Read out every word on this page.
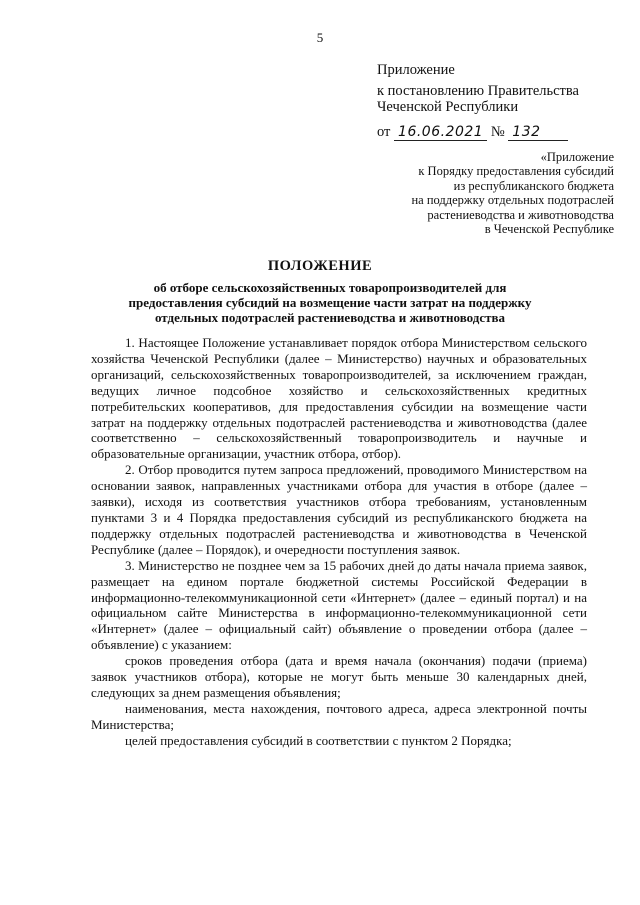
5
Приложение
к постановлению Правительства
Чеченской Республики
от 16.06.2021 № 132
«Приложение
к Порядку предоставления субсидий
из республиканского бюджета
на поддержку отдельных подотраслей
растениеводства и животноводства
в Чеченской Республике
ПОЛОЖЕНИЕ
об отборе сельскохозяйственных товаропроизводителей для
предоставления субсидий на возмещение части затрат на поддержку
отдельных подотраслей растениеводства и животноводства

1. Настоящее Положение устанавливает порядок отбора Министерством сельского хозяйства Чеченской Республики (далее – Министерство) научных и образовательных организаций, сельскохозяйственных товаропроизводителей, за исключением граждан, ведущих личное подсобное хозяйство и сельскохозяйственных кредитных потребительских кооперативов, для предоставления субсидии на возмещение части затрат на поддержку отдельных подотраслей растениеводства и животноводства (далее соответственно – сельскохозяйственный товаропроизводитель и научные и образовательные организации, участник отбора, отбор).

2. Отбор проводится путем запроса предложений, проводимого Министерством на основании заявок, направленных участниками отбора для участия в отборе (далее – заявки), исходя из соответствия участников отбора требованиям, установленным пунктами 3 и 4 Порядка предоставления субсидий из республиканского бюджета на поддержку отдельных подотраслей растениеводства и животноводства в Чеченской Республике (далее – Порядок), и очередности поступления заявок.

3. Министерство не позднее чем за 15 рабочих дней до даты начала приема заявок, размещает на едином портале бюджетной системы Российской Федерации в информационно-телекоммуникационной сети «Интернет» (далее – единый портал) и на официальном сайте Министерства в информационно-телекоммуникационной сети «Интернет» (далее – официальный сайт) объявление о проведении отбора (далее – объявление) с указанием:

сроков проведения отбора (дата и время начала (окончания) подачи (приема) заявок участников отбора), которые не могут быть меньше 30 календарных дней, следующих за днем размещения объявления;

наименования, места нахождения, почтового адреса, адреса электронной почты Министерства;

целей предоставления субсидий в соответствии с пунктом 2 Порядка;
